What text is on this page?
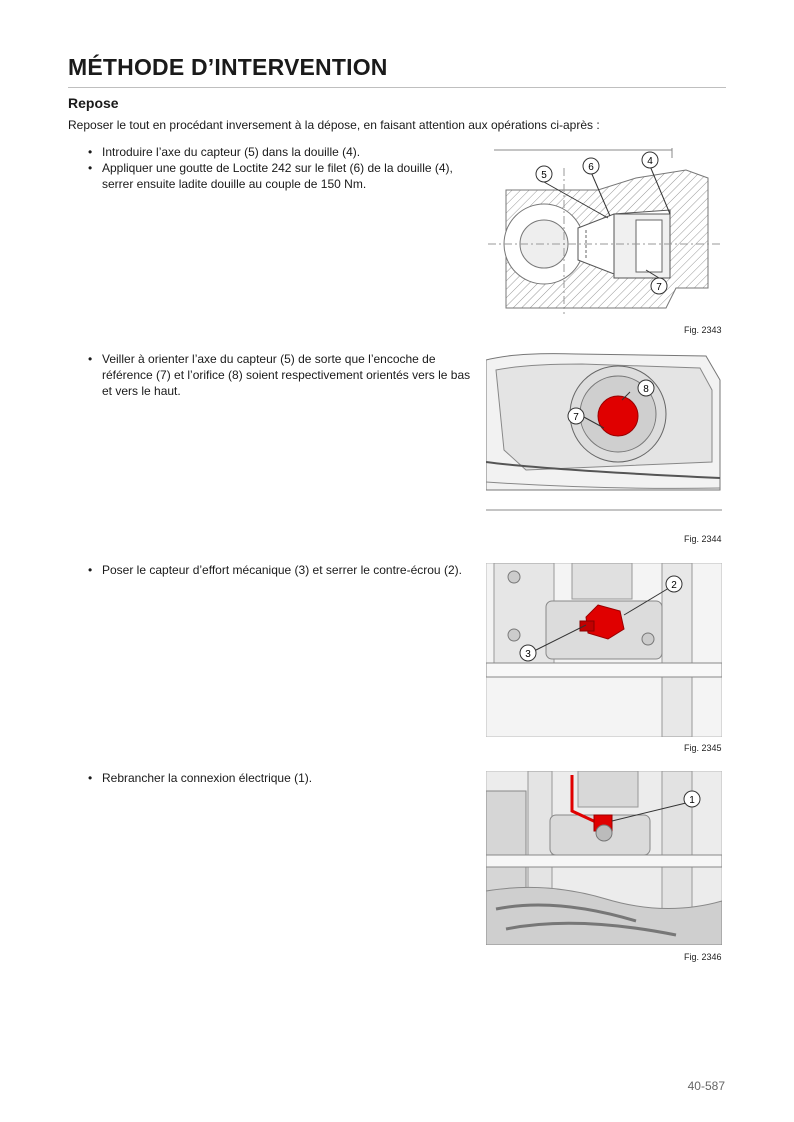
MÉTHODE D’INTERVENTION
Repose
Reposer le tout en procédant inversement à la dépose, en faisant attention aux opérations ci-après :
• Introduire l’axe du capteur (5) dans la douille (4).
• Appliquer une goutte de Loctite 242 sur le filet (6) de la douille (4), serrer ensuite ladite douille au couple de 150 Nm.
5
6
4
7
Fig. 2343
• Veiller à orienter l’axe du capteur (5) de sorte que l’encoche de référence (7) et l’orifice (8) soient respectivement orientés vers le bas et vers le haut.	8
7
Fig. 2344
• Poser le capteur d’effort mécanique (3) et serrer le contre-écrou (2).
2
3
Fig. 2345
• Rebrancher la connexion électrique (1).
1
Fig. 2346
40-587
